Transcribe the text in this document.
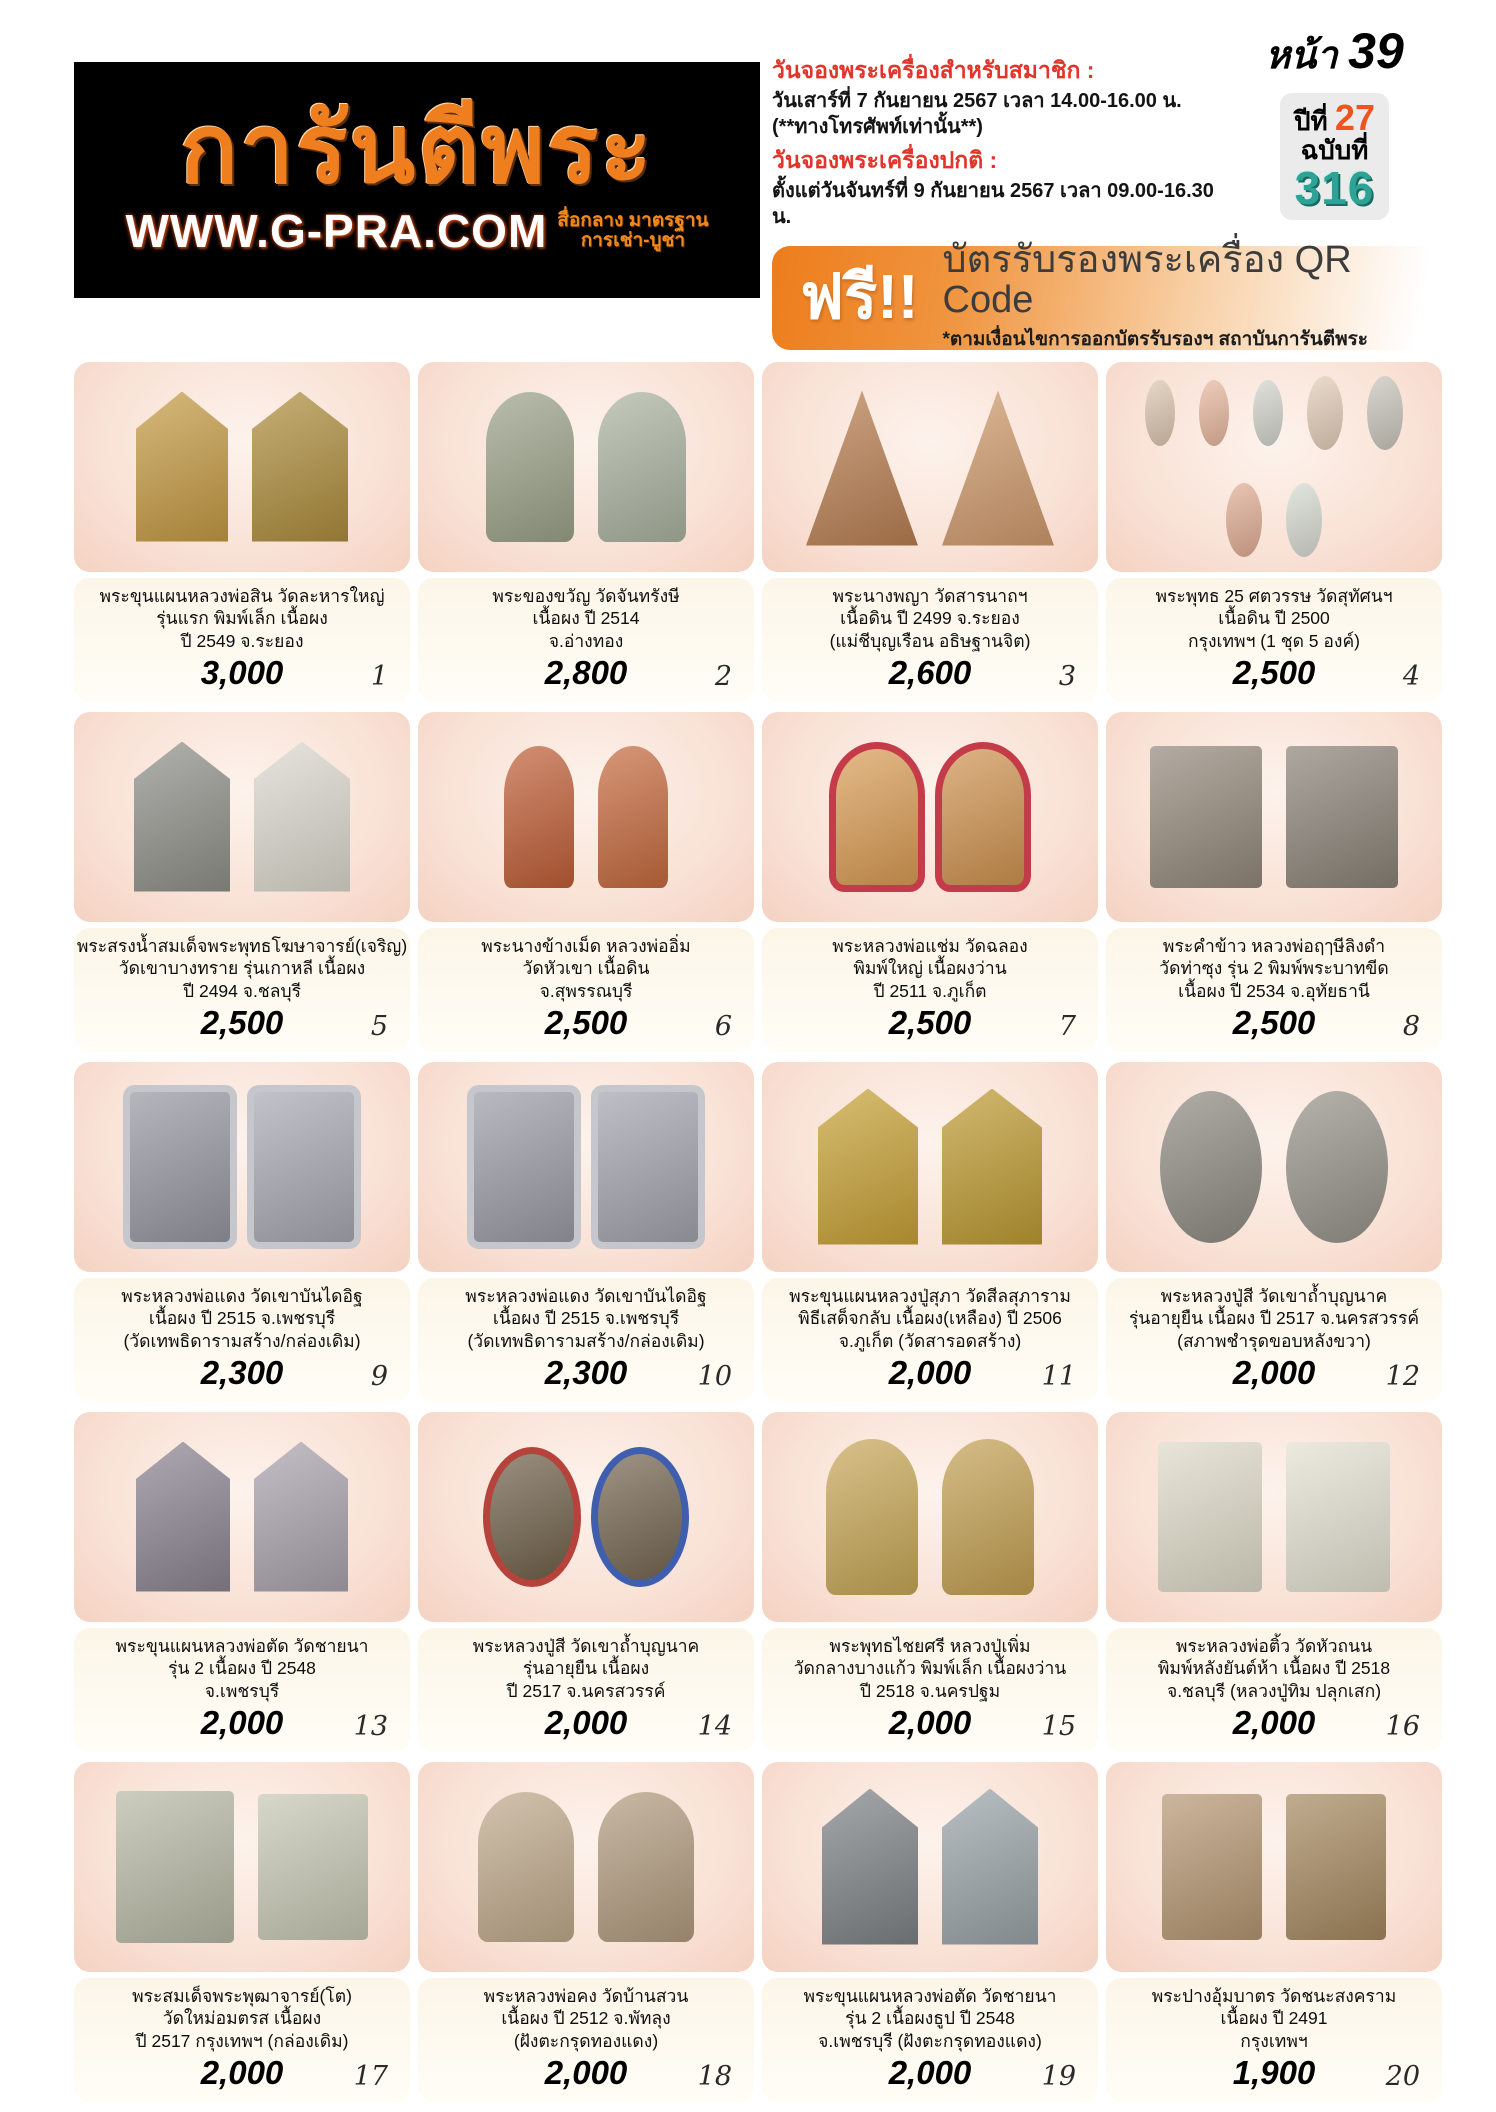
การันตีพระ
WWW.G-PRA.COM สื่อกลาง มาตรฐาน
การเช่า-บูชา
วันจองพระเครื่องสำหรับสมาชิก :
วันเสาร์ที่ 7 กันยายน 2567 เวลา 14.00-16.00 น. (**ทางโทรศัพท์เท่านั้น**)
วันจองพระเครื่องปกติ :
ตั้งแต่วันจันทร์ที่ 9 กันยายน 2567 เวลา 09.00-16.30 น.
หน้า 39
ปีที่ 27
ฉบับที่
316
ฟรี!!
บัตรรับรองพระเครื่อง QR Code
*ตามเงื่อนไขการออกบัตรรับรองฯ สถาบันการันตีพระ
พระขุนแผนหลวงพ่อสิน วัดละหารใหญ่
รุ่นแรก พิมพ์เล็ก เนื้อผง
ปี 2549 จ.ระยอง
3,000	1
พระของขวัญ วัดจันทรังษี
เนื้อผง ปี 2514
จ.อ่างทอง
2,800	2
พระนางพญา วัดสารนาถฯ
เนื้อดิน ปี 2499 จ.ระยอง
(แม่ชีบุญเรือน อธิษฐานจิต)
2,600	3
พระพุทธ 25 ศตวรรษ วัดสุทัศนฯ
เนื้อดิน ปี 2500
กรุงเทพฯ (1 ชุด 5 องค์)
2,500	4
พระสรงน้ำสมเด็จพระพุทธโฆษาจารย์(เจริญ)
วัดเขาบางทราย รุ่นเกาหลี เนื้อผง
ปี 2494 จ.ชลบุรี
2,500	5
พระนางข้างเม็ด หลวงพ่ออิ่ม
วัดหัวเขา เนื้อดิน
จ.สุพรรณบุรี
2,500	6
พระหลวงพ่อแช่ม วัดฉลอง
พิมพ์ใหญ่ เนื้อผงว่าน
ปี 2511 จ.ภูเก็ต
2,500	7
พระคำข้าว หลวงพ่อฤๅษีลิงดำ
วัดท่าซุง รุ่น 2 พิมพ์พระบาทขีด
เนื้อผง ปี 2534 จ.อุทัยธานี
2,500	8
พระหลวงพ่อแดง วัดเขาบันไดอิฐ
เนื้อผง ปี 2515 จ.เพชรบุรี
(วัดเทพธิดารามสร้าง/กล่องเดิม)
2,300	9
พระหลวงพ่อแดง วัดเขาบันไดอิฐ
เนื้อผง ปี 2515 จ.เพชรบุรี
(วัดเทพธิดารามสร้าง/กล่องเดิม)
2,300	10
พระขุนแผนหลวงปู่สุภา วัดสีลสุภาราม
พิธีเสด็จกลับ เนื้อผง(เหลือง) ปี 2506
จ.ภูเก็ต (วัดสารอดสร้าง)
2,000	11
พระหลวงปู่สี วัดเขาถ้ำบุญนาค
รุ่นอายุยืน เนื้อผง ปี 2517 จ.นครสวรรค์
(สภาพชำรุดขอบหลังขวา)
2,000	12
พระขุนแผนหลวงพ่อตัด วัดชายนา
รุ่น 2 เนื้อผง ปี 2548
จ.เพชรบุรี
2,000	13
พระหลวงปู่สี วัดเขาถ้ำบุญนาค
รุ่นอายุยืน เนื้อผง
ปี 2517 จ.นครสวรรค์
2,000	14
พระพุทธไชยศรี หลวงปู่เพิ่ม
วัดกลางบางแก้ว พิมพ์เล็ก เนื้อผงว่าน
ปี 2518 จ.นครปฐม
2,000	15
พระหลวงพ่อติ้ว วัดหัวถนน
พิมพ์หลังยันต์ห้า เนื้อผง ปี 2518
จ.ชลบุรี (หลวงปู่ทิม ปลุกเสก)
2,000	16
พระสมเด็จพระพุฒาจารย์(โต)
วัดใหม่อมตรส เนื้อผง
ปี 2517 กรุงเทพฯ (กล่องเดิม)
2,000	17
พระหลวงพ่อคง วัดบ้านสวน
เนื้อผง ปี 2512 จ.พัทลุง
(ฝังตะกรุดทองแดง)
2,000	18
พระขุนแผนหลวงพ่อตัด วัดชายนา
รุ่น 2 เนื้อผงธูป ปี 2548
จ.เพชรบุรี (ฝังตะกรุดทองแดง)
2,000	19
พระปางอุ้มบาตร วัดชนะสงคราม
เนื้อผง ปี 2491
กรุงเทพฯ
1,900	20
